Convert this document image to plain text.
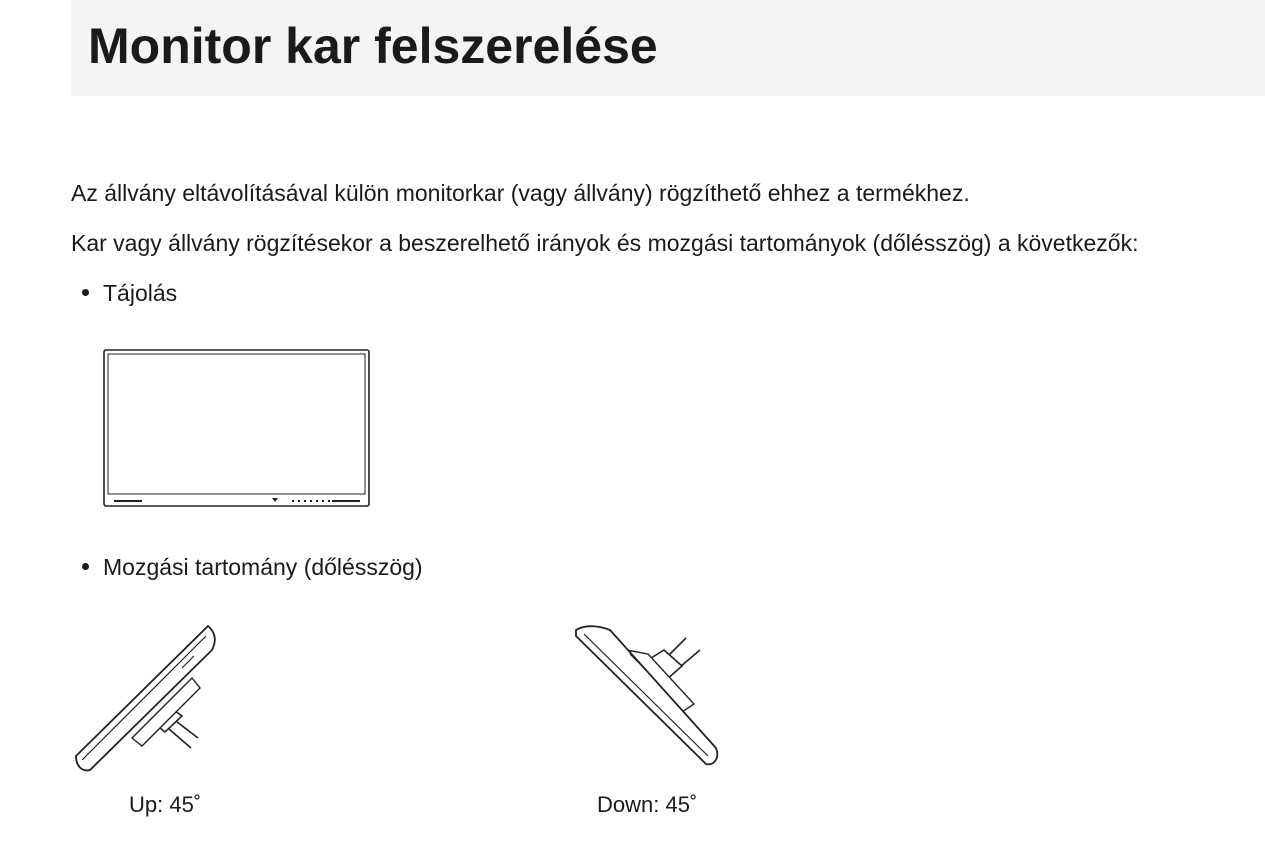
Monitor kar felszerelése

Az állvány eltávolításával külön monitorkar (vagy állvány) rögzíthető ehhez a termékhez.

Kar vagy állvány rögzítésekor a beszerelhető irányok és mozgási tartományok (dőlésszög) a következők:

Tájolás
Mozgási tartomány (dőlésszög)

Up: 45˚	Down: 45˚
